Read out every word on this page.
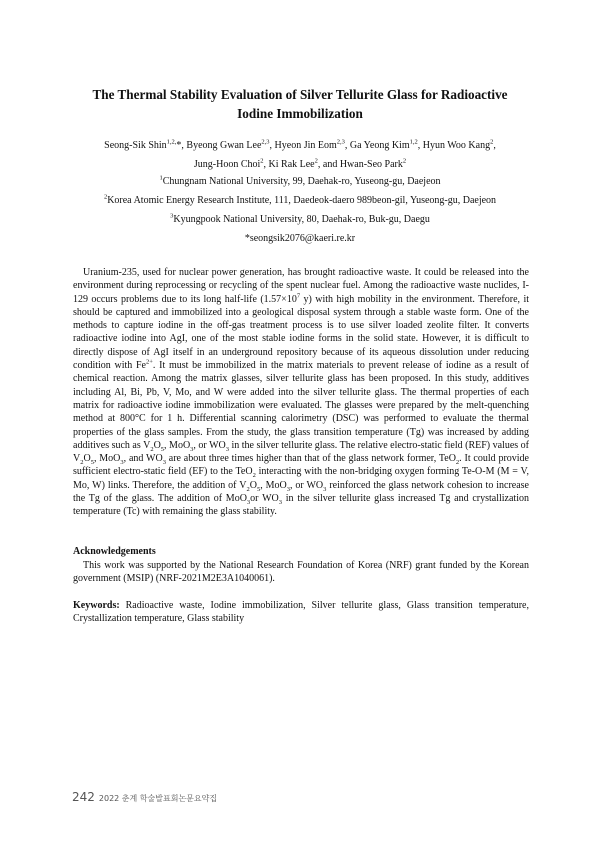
The Thermal Stability Evaluation of Silver Tellurite Glass for Radioactive
Iodine Immobilization
Seong-Sik Shin$^{1,2,}$*, Byeong Gwan Lee$^{2,3}$, Hyeon Jin Eom$^{2,3}$, Ga Yeong Kim$^{1,2}$, Hyun Woo Kang$^2$,
Jung-Hoon Choi$^2$, Ki Rak Lee$^2$, and Hwan-Seo Park$^2$
$^1$Chungnam National University, 99, Daehak-ro, Yuseong-gu, Daejeon
$^2$Korea Atomic Energy Research Institute, 111, Daedeok-daero 989beon-gil, Yuseong-gu, Daejeon
$^3$Kyungpook National University, 80, Daehak-ro, Buk-gu, Daegu
*seongsik2076@kaeri.re.kr

Uranium-235, used for nuclear power generation, has brought radioactive waste. It could be released into the environment during reprocessing or recycling of the spent nuclear fuel. Among the radioactive waste nuclides, I-129 occurs problems due to its long half-life ($1.57\times 10^7$ y) with high mobility in the environment. Therefore, it should be captured and immobilized into a geological disposal system through a stable waste form. One of the methods to capture iodine in the off-gas treatment process is to use silver loaded zeolite filter. It converts radioactive iodine into AgI, one of the most stable iodine forms in the solid state. However, it is difficult to directly dispose of AgI itself in an underground repository because of its aqueous dissolution under reducing condition with $Fe^{2+}$. It must be immobilized in the matrix materials to prevent release of iodine as a result of chemical reaction. Among the matrix glasses, silver tellurite glass has been proposed. In this study, additives including Al, Bi, Pb, V, Mo, and W were added into the silver tellurite glass. The thermal properties of each matrix for radioactive iodine immobilization were evaluated. The glasses were prepared by the melt-quenching method at 800°C for 1 h. Differential scanning calorimetry (DSC) was performed to evaluate the thermal properties of the glass samples. From the study, the glass transition temperature (Tg) was increased by adding additives such as $V_2O_5$, MoO$_3$, or $WO_3$ in the silver tellurite glass. The relative electro-static field (REF) values of $V_2O_5$, MoO$_3$, and $WO_3$ are about three times higher than that of the glass network former, TeO$_2$. It could provide sufficient electro-static field (EF) to the TeO$_2$ interacting with the non-bridging oxygen forming Te-O-M (M = V, Mo, W) links. Therefore, the addition of $V_2O_5$, MoO$_3$, or $WO_3$ reinforced the glass network cohesion to increase the Tg of the glass. The addition of MoO$_3$or $WO_3$ in the silver tellurite glass increased Tg and crystallization temperature (Tc) with remaining the glass stability.

Acknowledgements

This work was supported by the National Research Foundation of Korea (NRF) grant funded by the Korean government (MSIP) (NRF-2021M2E3A1040061).

Keywords: Radioactive waste, Iodine immobilization, Silver tellurite glass, Glass transition temperature, Crystallization temperature, Glass stability

242 2022 춘계 학술발표회논문요약집
